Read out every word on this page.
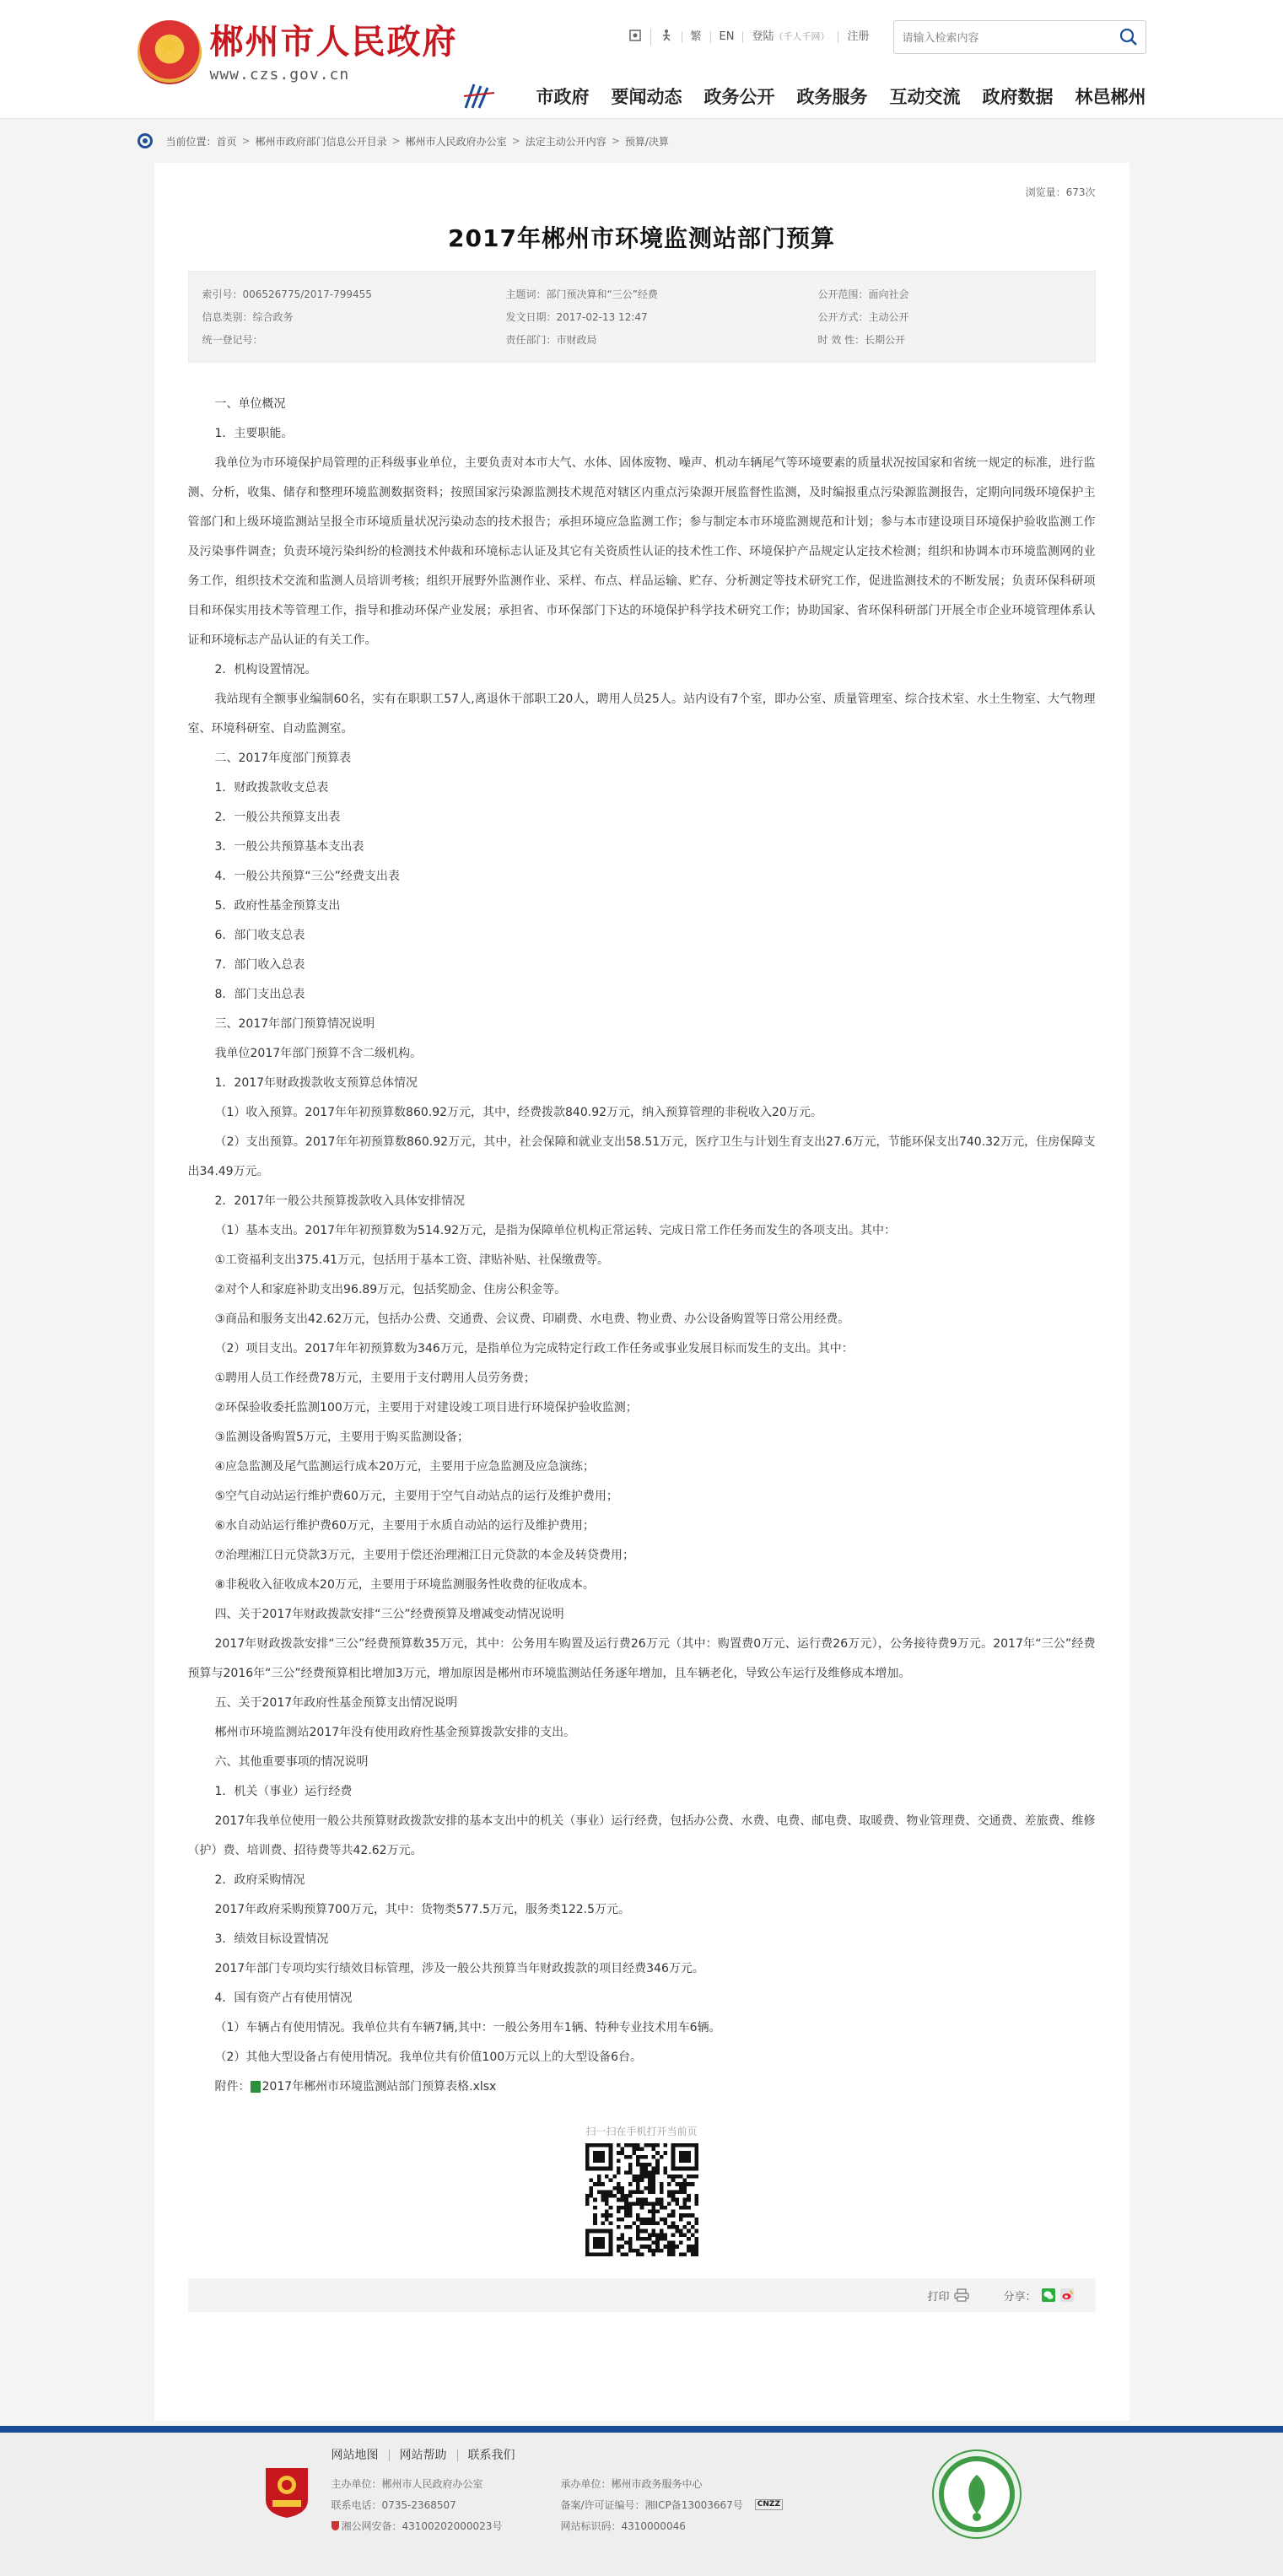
郴州市人民政府
www.czs.gov.cn
繁	EN	登陆（千人千网）	注册
请输入检索内容
市政府 要闻动态 政务公开 政务服务 互动交流 政府数据 林邑郴州
当前位置： 首页 > 郴州市政府部门信息公开目录 > 郴州市人民政府办公室 > 法定主动公开内容 > 预算/决算
浏览量：673次
2017年郴州市环境监测站部门预算
索引号：006526775/2017-799455	主题词：部门预决算和“三公”经费	公开范围：面向社会
信息类别：综合政务	发文日期：2017-02-13 12:47	公开方式：主动公开
统一登记号：	责任部门：市财政局	时 效 性：长期公开

一、单位概况

1．主要职能。

我单位为市环境保护局管理的正科级事业单位，主要负责对本市大气、水体、固体废物、噪声、机动车辆尾气等环境要素的质量状况按国家和省统一规定的标准，进行监测、分析，收集、储存和整理环境监测数据资料；按照国家污染源监测技术规范对辖区内重点污染源开展监督性监测，及时编报重点污染源监测报告，定期向同级环境保护主管部门和上级环境监测站呈报全市环境质量状况污染动态的技术报告；承担环境应急监测工作；参与制定本市环境监测规范和计划；参与本市建设项目环境保护验收监测工作及污染事件调查；负责环境污染纠纷的检测技术仲裁和环境标志认证及其它有关资质性认证的技术性工作、环境保护产品规定认定技术检测；组织和协调本市环境监测网的业务工作，组织技术交流和监测人员培训考核；组织开展野外监测作业、采样、布点、样品运输、贮存、分析测定等技术研究工作，促进监测技术的不断发展；负责环保科研项目和环保实用技术等管理工作，指导和推动环保产业发展；承担省、市环保部门下达的环境保护科学技术研究工作；协助国家、省环保科研部门开展全市企业环境管理体系认证和环境标志产品认证的有关工作。

2．机构设置情况。

我站现有全额事业编制60名，实有在职职工57人,离退休干部职工20人，聘用人员25人。站内设有7个室，即办公室、质量管理室、综合技术室、水土生物室、大气物理室、环境科研室、自动监测室。

二、2017年度部门预算表

1．财政拨款收支总表

2．一般公共预算支出表

3．一般公共预算基本支出表

4．一般公共预算“三公”经费支出表

5．政府性基金预算支出

6．部门收支总表

7．部门收入总表

8．部门支出总表

三、2017年部门预算情况说明

我单位2017年部门预算不含二级机构。

1．2017年财政拨款收支预算总体情况

（1）收入预算。2017年年初预算数860.92万元，其中，经费拨款840.92万元，纳入预算管理的非税收入20万元。

（2）支出预算。2017年年初预算数860.92万元，其中，社会保障和就业支出58.51万元，医疗卫生与计划生育支出27.6万元，节能环保支出740.32万元，住房保障支出34.49万元。

2．2017年一般公共预算拨款收入具体安排情况

（1）基本支出。2017年年初预算数为514.92万元，是指为保障单位机构正常运转、完成日常工作任务而发生的各项支出。其中：

①工资福利支出375.41万元，包括用于基本工资、津贴补贴、社保缴费等。

②对个人和家庭补助支出96.89万元，包括奖励金、住房公积金等。

③商品和服务支出42.62万元，包括办公费、交通费、会议费、印刷费、水电费、物业费、办公设备购置等日常公用经费。

（2）项目支出。2017年年初预算数为346万元，是指单位为完成特定行政工作任务或事业发展目标而发生的支出。其中：

①聘用人员工作经费78万元，主要用于支付聘用人员劳务费；

②环保验收委托监测100万元，主要用于对建设竣工项目进行环境保护验收监测；

③监测设备购置5万元，主要用于购买监测设备；

④应急监测及尾气监测运行成本20万元，主要用于应急监测及应急演练；

⑤空气自动站运行维护费60万元，主要用于空气自动站点的运行及维护费用；

⑥水自动站运行维护费60万元，主要用于水质自动站的运行及维护费用；

⑦治理湘江日元贷款3万元，主要用于偿还治理湘江日元贷款的本金及转贷费用；

⑧非税收入征收成本20万元，主要用于环境监测服务性收费的征收成本。

四、关于2017年财政拨款安排“三公”经费预算及增减变动情况说明

2017年财政拨款安排“三公”经费预算数35万元，其中：公务用车购置及运行费26万元（其中：购置费0万元、运行费26万元），公务接待费9万元。2017年“三公”经费预算与2016年“三公”经费预算相比增加3万元，增加原因是郴州市环境监测站任务逐年增加，且车辆老化，导致公车运行及维修成本增加。

五、关于2017年政府性基金预算支出情况说明

郴州市环境监测站2017年没有使用政府性基金预算拨款安排的支出。

六、其他重要事项的情况说明

1．机关（事业）运行经费

2017年我单位使用一般公共预算财政拨款安排的基本支出中的机关（事业）运行经费，包括办公费、水费、电费、邮电费、取暖费、物业管理费、交通费、差旅费、维修（护）费、培训费、招待费等共42.62万元。

2．政府采购情况

2017年政府采购预算700万元，其中：货物类577.5万元，服务类122.5万元。

3．绩效目标设置情况

2017年部门专项均实行绩效目标管理，涉及一般公共预算当年财政拨款的项目经费346万元。

4．国有资产占有使用情况

（1）车辆占有使用情况。我单位共有车辆7辆,其中：一般公务用车1辆、特种专业技术用车6辆。

（2）其他大型设备占有使用情况。我单位共有价值100万元以上的大型设备6台。

附件： 2017年郴州市环境监测站部门预算表格.xlsx
扫一扫在手机打开当前页
打印	分享：
网站地图	网站帮助	联系我们
主办单位：郴州市人民政府办公室	承办单位：郴州市政务服务中心
联系电话：0735-2368507	备案/许可证编号：湘ICP备13003667号	CNZZ
湘公网安备：43100202000023号	网站标识码：4310000046
